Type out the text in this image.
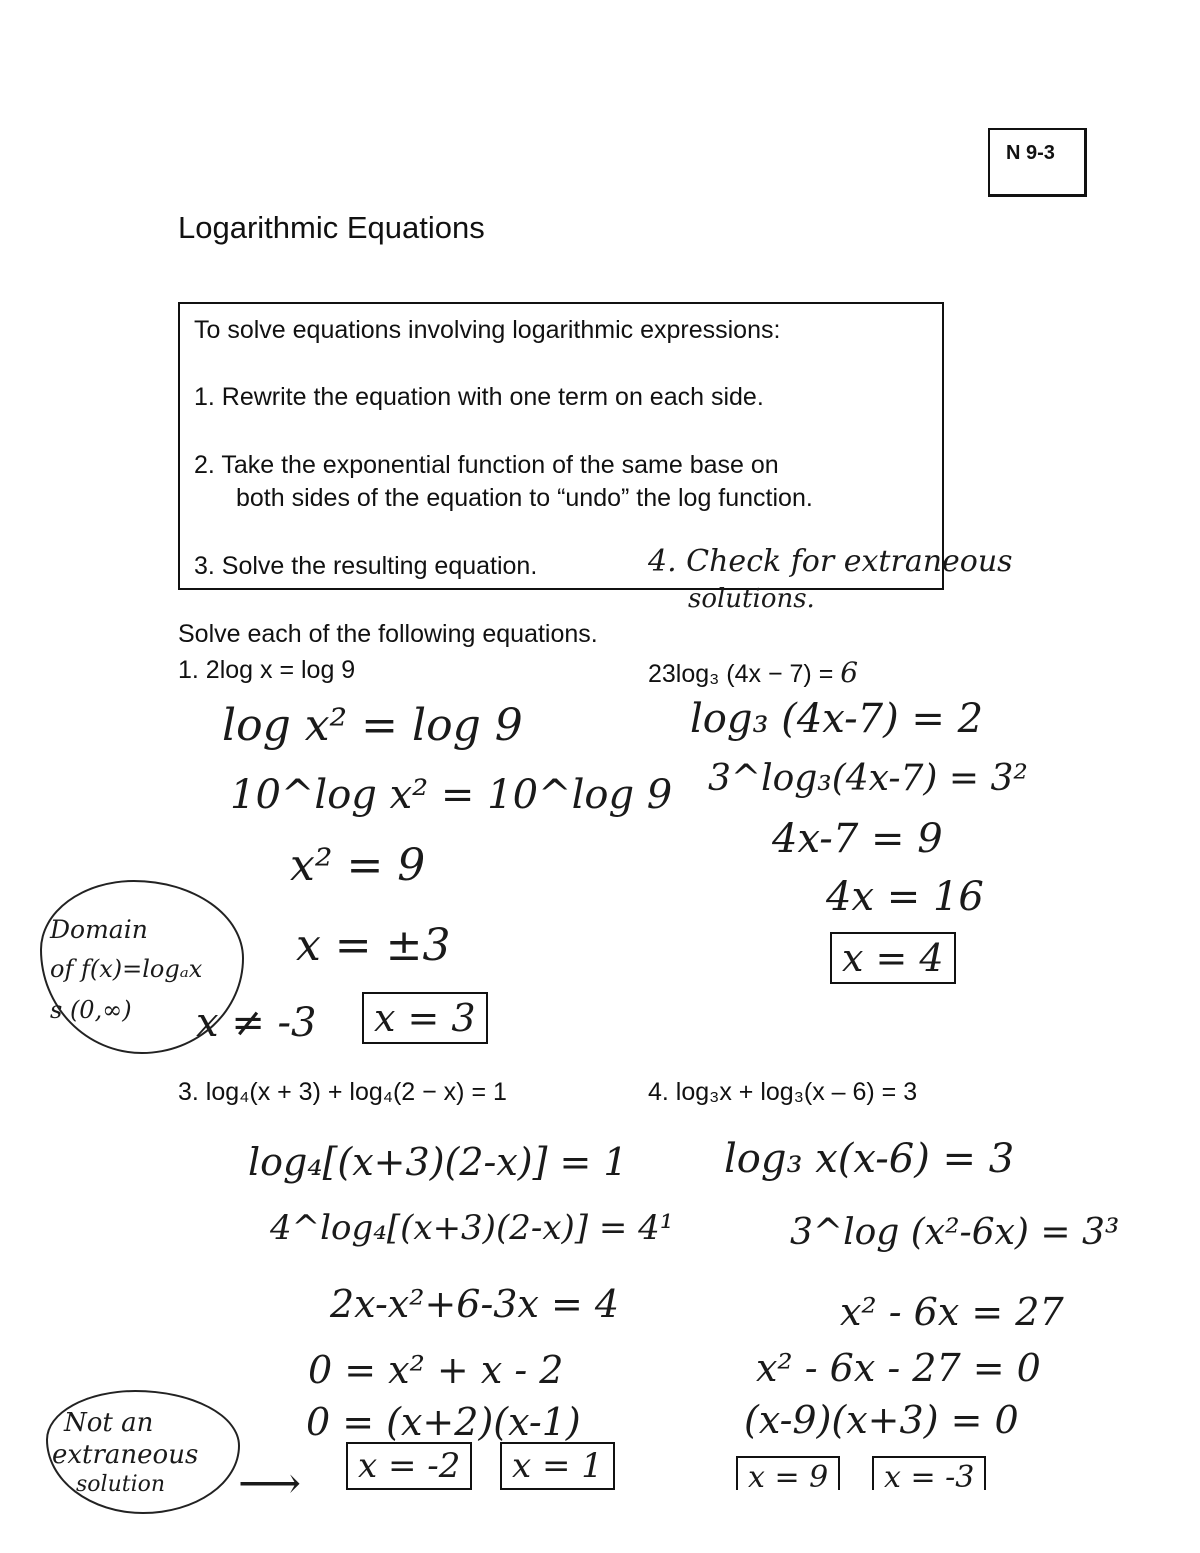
N 9-3
Logarithmic Equations
To solve equations involving logarithmic expressions:
1. Rewrite the equation with one term on each side.
2. Take the exponential function of the same base on
both sides of the equation to “undo” the log function.
3. Solve the resulting equation.	4. Check for extraneous
solutions.
Solve each of the following equations.
1. 2log x = log 9
log x² = log 9
10^log x² = 10^log 9
x² = 9
x = ±3
x ≠ -3	x = 3
Domain
of f(x)=logₐx
s (0,∞)
23log₃ (4x − 7) = 6
log₃ (4x-7) = 2
3^log₃(4x-7) = 3²
4x-7 = 9
4x = 16
x = 4
3. log₄(x + 3) + log₄(2 − x) = 1
log₄[(x+3)(2-x)] = 1
4^log₄[(x+3)(2-x)] = 4¹
2x-x²+6-3x = 4
0 = x² + x - 2
0 = (x+2)(x-1)
x = -2	x = 1
Not an
extraneous
solution ⟶
4. log₃x + log₃(x – 6) = 3
log₃ x(x-6) = 3
3^log (x²-6x) = 3³
x² - 6x = 27
x² - 6x - 27 = 0
(x-9)(x+3) = 0
x = 9	x = -3
